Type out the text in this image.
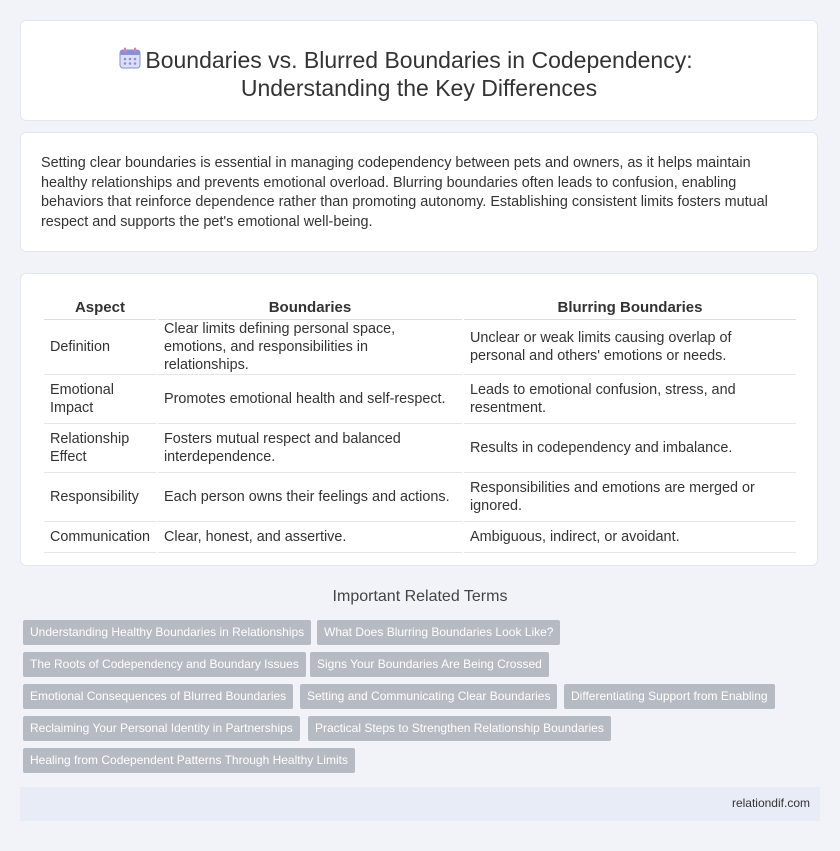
Boundaries vs. Blurred Boundaries in Codependency:
Understanding the Key Differences

Setting clear boundaries is essential in managing codependency between pets and owners, as it helps maintain healthy relationships and prevents emotional overload. Blurring boundaries often leads to confusion, enabling behaviors that reinforce dependence rather than promoting autonomy. Establishing consistent limits fosters mutual respect and supports the pet's emotional well-being.

Aspect	Boundaries	Blurring Boundaries
Definition	Clear limits defining personal space, emotions, and responsibilities in relationships.	Unclear or weak limits causing overlap of personal and others' emotions or needs.
Emotional Impact	Promotes emotional health and self-respect.	Leads to emotional confusion, stress, and resentment.
Relationship Effect	Fosters mutual respect and balanced interdependence.	Results in codependency and imbalance.
Responsibility	Each person owns their feelings and actions.	Responsibilities and emotions are merged or ignored.
Communication	Clear, honest, and assertive.	Ambiguous, indirect, or avoidant.
Important Related Terms
Understanding Healthy Boundaries in Relationships	What Does Blurring Boundaries Look Like?
The Roots of Codependency and Boundary Issues	Signs Your Boundaries Are Being Crossed
Emotional Consequences of Blurred Boundaries	Setting and Communicating Clear Boundaries	Differentiating Support from Enabling
Reclaiming Your Personal Identity in Partnerships	Practical Steps to Strengthen Relationship Boundaries
Healing from Codependent Patterns Through Healthy Limits
relationdif.com
